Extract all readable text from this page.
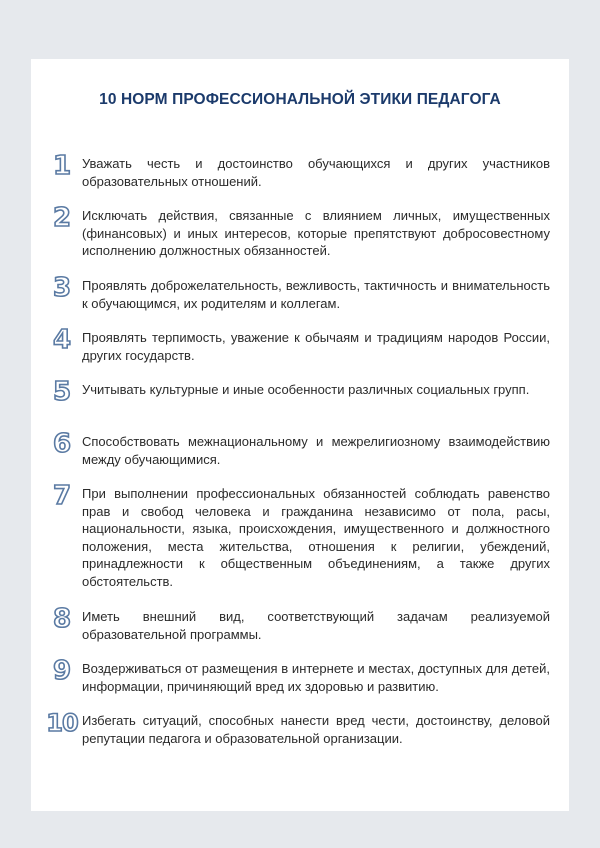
10 НОРМ ПРОФЕССИОНАЛЬНОЙ ЭТИКИ ПЕДАГОГА
1 Уважать честь и достоинство обучающихся и других участников образовательных отношений.
2 Исключать действия, связанные с влиянием личных, имущественных (финансовых) и иных интересов, которые препятствуют добросовестному исполнению должностных обязанностей.
3 Проявлять доброжелательность, вежливость, тактичность и внимательность к обучающимся, их родителям и коллегам.
4 Проявлять терпимость, уважение к обычаям и традициям народов России, других государств.
5 Учитывать культурные и иные особенности различных социальных групп.
6 Способствовать межнациональному и межрелигиозному взаимодействию между обучающимися.
7 При выполнении профессиональных обязанностей соблюдать равенство прав и свобод человека и гражданина независимо от пола, расы, национальности, языка, происхождения, имущественного и должностного положения, места жительства, отношения к религии, убеждений, принадлежности к общественным объединениям, а также других обстоятельств.
8 Иметь внешний вид, соответствующий задачам реализуемой образовательной программы.
9 Воздерживаться от размещения в интернете и местах, доступных для детей, информации, причиняющий вред их здоровью и развитию.
10 Избегать ситуаций, способных нанести вред чести, достоинству, деловой репутации педагога и образовательной организации.
